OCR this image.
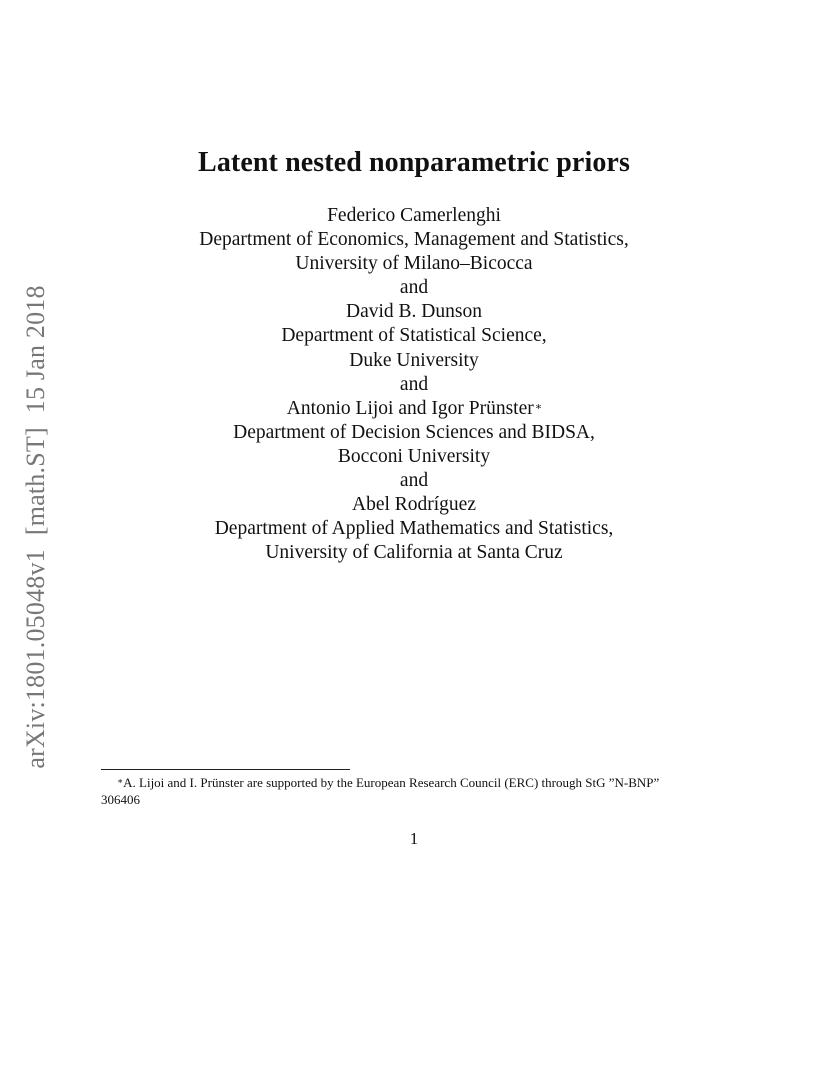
arXiv:1801.05048v1[math.ST]15 Jan 2018
Latent nested nonparametric priors
Federico Camerlenghi
Department of Economics, Management and Statistics,
University of Milano–Bicocca
and
David B. Dunson
Department of Statistical Science,
Duke University
and
Antonio Lijoi and Igor Prünster∗
Department of Decision Sciences and BIDSA,
Bocconi University
and
Abel Rodríguez
Department of Applied Mathematics and Statistics,
University of California at Santa Cruz
∗A. Lijoi and I. Prünster are supported by the European Research Council (ERC) through StG ”N-BNP”
306406
1
